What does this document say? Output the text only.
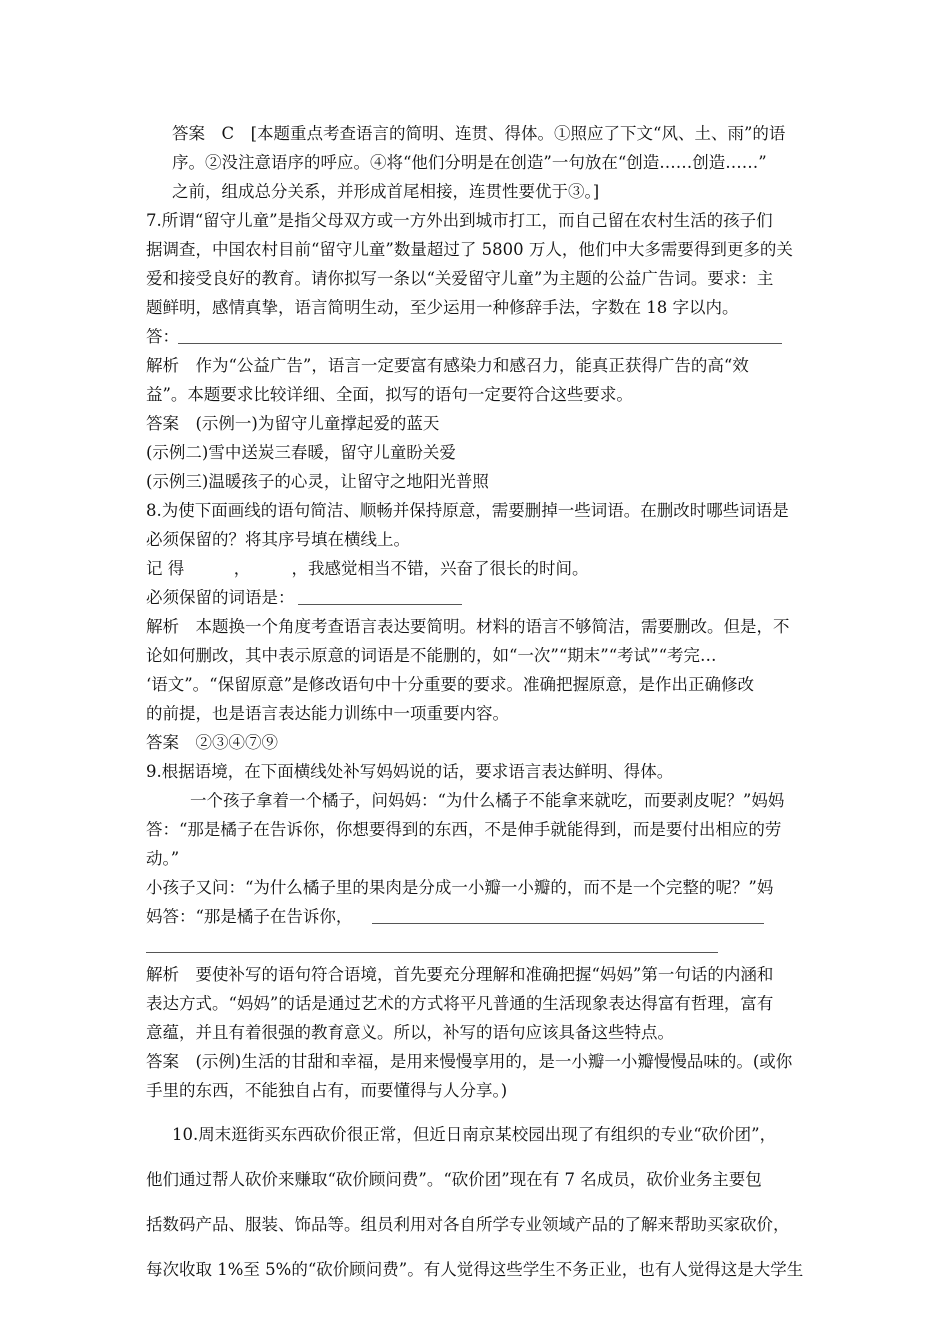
答案　C　[本题重点考查语言的简明、连贯、得体。①照应了下文“风、土、雨”的语
序。②没注意语序的呼应。④将“他们分明是在创造”一句放在“创造……创造……”
之前，组成总分关系，并形成首尾相接，连贯性要优于③。]
7.所谓“留守儿童”是指父母双方或一方外出到城市打工，而自己留在农村生活的孩子们
据调查，中国农村目前“留守儿童”数量超过了 5800 万人，他们中大多需要得到更多的关
爱和接受良好的教育。请你拟写一条以“关爱留守儿童”为主题的公益广告词。要求：主
题鲜明，感情真挚，语言简明生动，至少运用一种修辞手法，字数在 18 字以内。
答：
解析　作为“公益广告”，语言一定要富有感染力和感召力，能真正获得广告的高“效
益”。本题要求比较详细、全面，拟写的语句一定要符合这些要求。
答案　(示例一)为留守儿童撑起爱的蓝天
(示例二)雪中送炭三春暖，留守儿童盼关爱
(示例三)温暖孩子的心灵，让留守之地阳光普照
8.为使下面画线的语句简洁、顺畅并保持原意，需要删掉一些词语。在删改时哪些词语是
必须保留的？将其序号填在横线上。
记 得　　　，　　　，我感觉相当不错，兴奋了很长的时间。
必须保留的词语是：
解析　本题换一个角度考查语言表达要简明。材料的语言不够简洁，需要删改。但是，不
论如何删改，其中表示原意的词语是不能删的，如“一次”“期末”“考试”“考完…
‘语文”。“保留原意”是修改语句中十分重要的要求。准确把握原意，是作出正确修改
的前提，也是语言表达能力训练中一项重要内容。
答案　②③④⑦⑨
9.根据语境，在下面横线处补写妈妈说的话，要求语言表达鲜明、得体。
一个孩子拿着一个橘子，问妈妈：“为什么橘子不能拿来就吃，而要剥皮呢？”妈妈
答：“那是橘子在告诉你，你想要得到的东西，不是伸手就能得到，而是要付出相应的劳
动。”
小孩子又问：“为什么橘子里的果肉是分成一小瓣一小瓣的，而不是一个完整的呢？”妈
妈答：“那是橘子在告诉你，
解析　要使补写的语句符合语境，首先要充分理解和准确把握“妈妈”第一句话的内涵和
表达方式。“妈妈”的话是通过艺术的方式将平凡普通的生活现象表达得富有哲理，富有
意蕴，并且有着很强的教育意义。所以，补写的语句应该具备这些特点。
答案　(示例)生活的甘甜和幸福，是用来慢慢享用的，是一小瓣一小瓣慢慢品味的。(或你
手里的东西，不能独自占有，而要懂得与人分享。)
10.周末逛街买东西砍价很正常，但近日南京某校园出现了有组织的专业“砍价团”，
他们通过帮人砍价来赚取“砍价顾问费”。“砍价团”现在有 7 名成员，砍价业务主要包
括数码产品、服装、饰品等。组员利用对各自所学专业领域产品的了解来帮助买家砍价，
每次收取 1%至 5%的“砍价顾问费”。有人觉得这些学生不务正业，也有人觉得这是大学生
